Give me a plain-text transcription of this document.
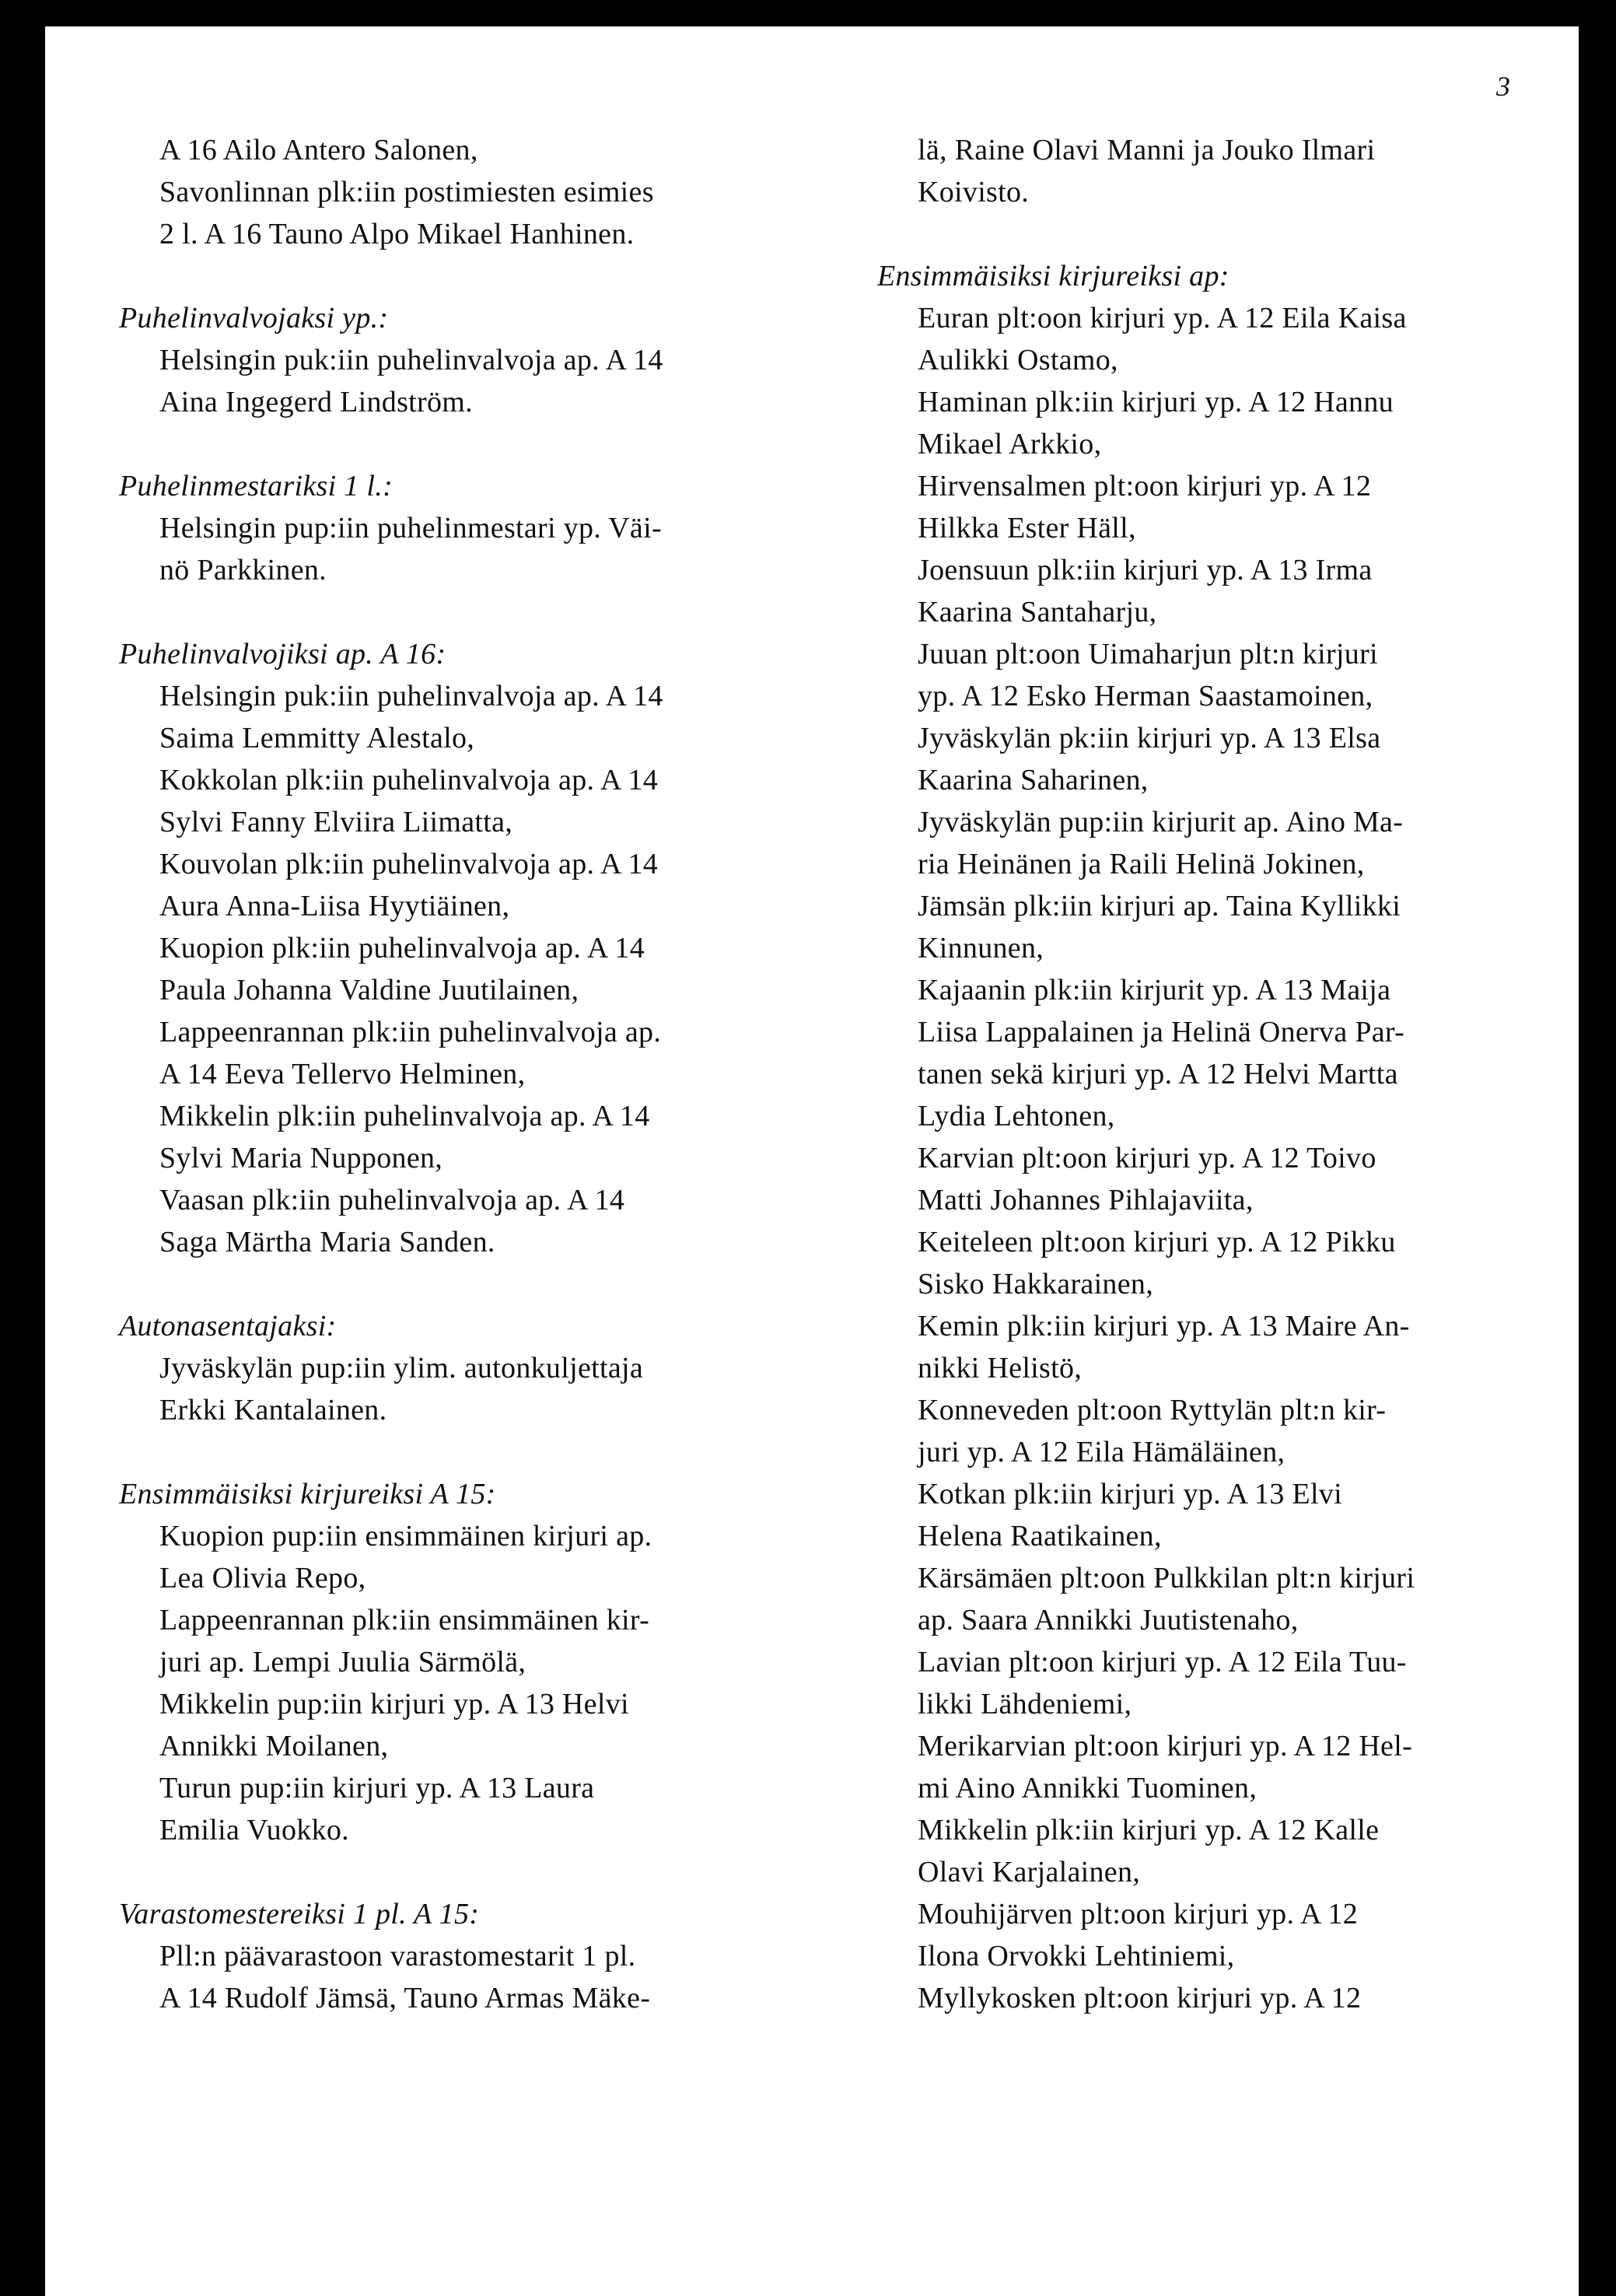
3
A 16 Ailo Antero Salonen,
Savonlinnan plk:iin postimiesten esimies
2 l. A 16 Tauno Alpo Mikael Hanhinen.
Puhelinvalvojaksi yp.:
Helsingin puk:iin puhelinvalvoja ap. A 14
Aina Ingegerd Lindström.
Puhelinmestariksi 1 l.:
Helsingin pup:iin puhelinmestari yp. Väi-
nö Parkkinen.
Puhelinvalvojiksi ap. A 16:
Helsingin puk:iin puhelinvalvoja ap. A 14
Saima Lemmitty Alestalo,
Kokkolan plk:iin puhelinvalvoja ap. A 14
Sylvi Fanny Elviira Liimatta,
Kouvolan plk:iin puhelinvalvoja ap. A 14
Aura Anna-Liisa Hyytiäinen,
Kuopion plk:iin puhelinvalvoja ap. A 14
Paula Johanna Valdine Juutilainen,
Lappeenrannan plk:iin puhelinvalvoja ap.
A 14 Eeva Tellervo Helminen,
Mikkelin plk:iin puhelinvalvoja ap. A 14
Sylvi Maria Nupponen,
Vaasan plk:iin puhelinvalvoja ap. A 14
Saga Märtha Maria Sanden.
Autonasentajaksi:
Jyväskylän pup:iin ylim. autonkuljettaja
Erkki Kantalainen.
Ensimmäisiksi kirjureiksi A 15:
Kuopion pup:iin ensimmäinen kirjuri ap.
Lea Olivia Repo,
Lappeenrannan plk:iin ensimmäinen kir-
juri ap. Lempi Juulia Särmölä,
Mikkelin pup:iin kirjuri yp. A 13 Helvi
Annikki Moilanen,
Turun pup:iin kirjuri yp. A 13 Laura
Emilia Vuokko.
Varastomestereiksi 1 pl. A 15:
Pll:n päävarastoon varastomestarit 1 pl.
A 14 Rudolf Jämsä, Tauno Armas Mäke-
lä, Raine Olavi Manni ja Jouko Ilmari
Koivisto.
Ensimmäisiksi kirjureiksi ap:
Euran plt:oon kirjuri yp. A 12 Eila Kaisa
Aulikki Ostamo,
Haminan plk:iin kirjuri yp. A 12 Hannu
Mikael Arkkio,
Hirvensalmen plt:oon kirjuri yp. A 12
Hilkka Ester Häll,
Joensuun plk:iin kirjuri yp. A 13 Irma
Kaarina Santaharju,
Juuan plt:oon Uimaharjun plt:n kirjuri
yp. A 12 Esko Herman Saastamoinen,
Jyväskylän pk:iin kirjuri yp. A 13 Elsa
Kaarina Saharinen,
Jyväskylän pup:iin kirjurit ap. Aino Ma-
ria Heinänen ja Raili Helinä Jokinen,
Jämsän plk:iin kirjuri ap. Taina Kyllikki
Kinnunen,
Kajaanin plk:iin kirjurit yp. A 13 Maija
Liisa Lappalainen ja Helinä Onerva Par-
tanen sekä kirjuri yp. A 12 Helvi Martta
Lydia Lehtonen,
Karvian plt:oon kirjuri yp. A 12 Toivo
Matti Johannes Pihlajaviita,
Keiteleen plt:oon kirjuri yp. A 12 Pikku
Sisko Hakkarainen,
Kemin plk:iin kirjuri yp. A 13 Maire An-
nikki Helistö,
Konneveden plt:oon Ryttylän plt:n kir-
juri yp. A 12 Eila Hämäläinen,
Kotkan plk:iin kirjuri yp. A 13 Elvi
Helena Raatikainen,
Kärsämäen plt:oon Pulkkilan plt:n kirjuri
ap. Saara Annikki Juutistenaho,
Lavian plt:oon kirjuri yp. A 12 Eila Tuu-
likki Lähdeniemi,
Merikarvian plt:oon kirjuri yp. A 12 Hel-
mi Aino Annikki Tuominen,
Mikkelin plk:iin kirjuri yp. A 12 Kalle
Olavi Karjalainen,
Mouhijärven plt:oon kirjuri yp. A 12
Ilona Orvokki Lehtiniemi,
Myllykosken plt:oon kirjuri yp. A 12
